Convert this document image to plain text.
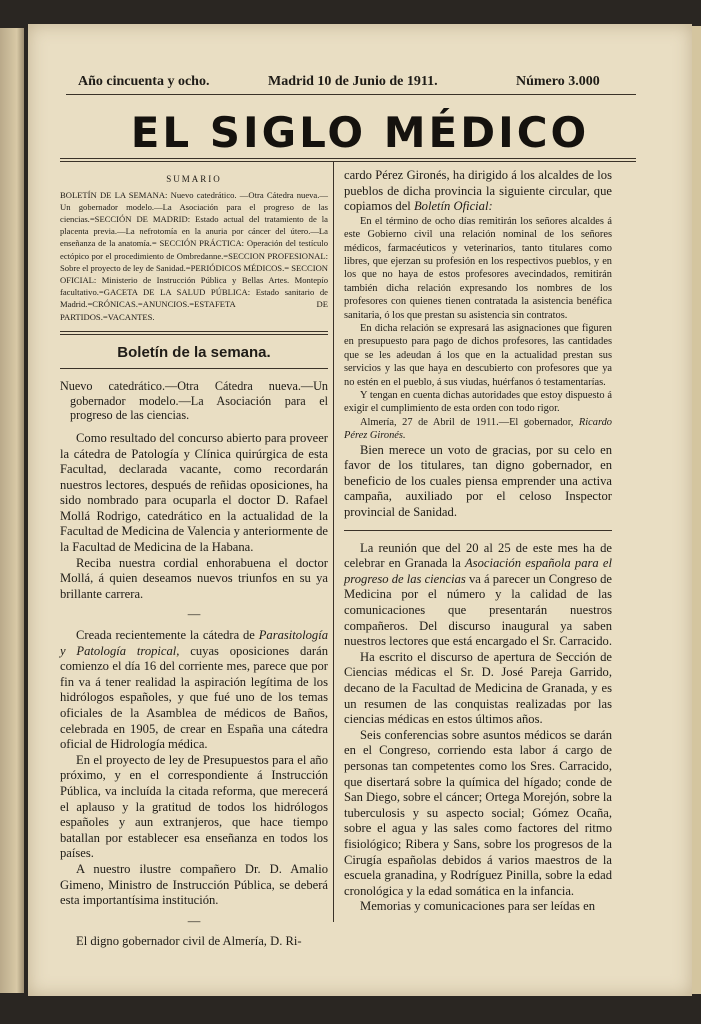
Año cincuenta y ocho.	Madrid 10 de Junio de 1911.	Número 3.000
EL SIGLO MÉDICO
SUMARIO
BOLETÍN DE LA SEMANA: Nuevo catedrático. —Otra Cátedra nueva.—Un gobernador modelo.—La Asociación para el progreso de las ciencias.=SECCIÓN DE MADRID: Estado actual del tratamiento de la placenta previa.—La nefrotomía en la anuria por cáncer del útero.—La enseñanza de la anatomía.= SECCIÓN PRÁCTICA: Operación del testículo ectópico por el procedimiento de Ombredanne.=SECCION PROFESIONAL: Sobre el proyecto de ley de Sanidad.=PERIÓDICOS MÉDICOS.= SECCION OFICIAL: Ministerio de Instrucción Pública y Bellas Artes. Montepío facultativo.=GACETA DE LA SALUD PÚBLICA: Estado sanitario de Madrid.=CRÓNICAS.=ANUNCIOS.=ESTAFETA DE PARTIDOS.=VACANTES.
Boletín de la semana.
Nuevo catedrático.—Otra Cátedra nueva.—Un gobernador modelo.—La Asociación para el progreso de las ciencias.

Como resultado del concurso abierto para proveer la cátedra de Patología y Clínica quirúrgica de esta Facultad, declarada vacante, como recordarán nuestros lectores, después de reñidas oposiciones, ha sido nombrado para ocuparla el doctor D. Rafael Mollá Rodrigo, catedrático en la actualidad de la Facultad de Medicina de Valencia y anteriormente de la Facultad de Medicina de la Habana.

Reciba nuestra cordial enhorabuena el doctor Mollá, á quien deseamos nuevos triunfos en su ya brillante carrera.

—

Creada recientemente la cátedra de Parasitología y Patología tropical, cuyas oposiciones darán comienzo el día 16 del corriente mes, parece que por fin va á tener realidad la aspiración legítima de los hidrólogos españoles, y que fué uno de los temas oficiales de la Asamblea de médicos de Baños, celebrada en 1905, de crear en España una cátedra oficial de Hidrología médica.

En el proyecto de ley de Presupuestos para el año próximo, y en el correspondiente á Instrucción Pública, va incluída la citada reforma, que merecerá el aplauso y la gratitud de todos los hidrólogos españoles y aun extranjeros, que hace tiempo batallan por establecer esa enseñanza en todos los países.

A nuestro ilustre compañero Dr. D. Amalio Gimeno, Ministro de Instrucción Pública, se deberá esta importantísima institución.

—

El digno gobernador civil de Almería, D. Ri-

cardo Pérez Gironés, ha dirigido á los alcaldes de los pueblos de dicha provincia la siguiente circular, que copiamos del Boletín Oficial:

En el término de ocho días remitirán los señores alcaldes á este Gobierno civil una relación nominal de los señores médicos, farmacéuticos y veterinarios, tanto titulares como libres, que ejerzan su profesión en los respectivos pueblos, y en los que no haya de estos profesores avecindados, remitirán también dicha relación expresando los nombres de los profesores con quienes tienen contratada la asistencia benéfica sanitaria, ó los que prestan su asistencia sin contratos.

En dicha relación se expresará las asignaciones que figuren en presupuesto para pago de dichos profesores, las cantidades que se les adeudan á los que en la actualidad prestan sus servicios y las que haya en descubierto con profesores que ya no estén en el pueblo, á sus viudas, huérfanos ó testamentarías.

Y tengan en cuenta dichas autoridades que estoy dispuesto á exigir el cumplimiento de esta orden con todo rigor.

Almería, 27 de Abril de 1911.—El gobernador, Ricardo Pérez Gironés.

Bien merece un voto de gracias, por su celo en favor de los titulares, tan digno gobernador, en beneficio de los cuales piensa emprender una activa campaña, auxiliado por el celoso Inspector provincial de Sanidad.

La reunión que del 20 al 25 de este mes ha de celebrar en Granada la Asociación española para el progreso de las ciencias va á parecer un Congreso de Medicina por el número y la calidad de las comunicaciones que presentarán nuestros compañeros. Del discurso inaugural ya saben nuestros lectores que está encargado el Sr. Carracido.

Ha escrito el discurso de apertura de Sección de Ciencias médicas el Sr. D. José Pareja Garrido, decano de la Facultad de Medicina de Granada, y es un resumen de las conquistas realizadas por las ciencias médicas en estos últimos años.

Seis conferencias sobre asuntos médicos se darán en el Congreso, corriendo esta labor á cargo de personas tan competentes como los Sres. Carracido, que disertará sobre la química del hígado; conde de San Diego, sobre el cáncer; Ortega Morejón, sobre la tuberculosis y su aspecto social; Gómez Ocaña, sobre el agua y las sales como factores del ritmo fisiológico; Ribera y Sans, sobre los progresos de la Cirugía españolas debidos á varios maestros de la escuela granadina, y Rodríguez Pinilla, sobre la edad cronológica y la edad somática en la infancia.

Memorias y comunicaciones para ser leídas en
